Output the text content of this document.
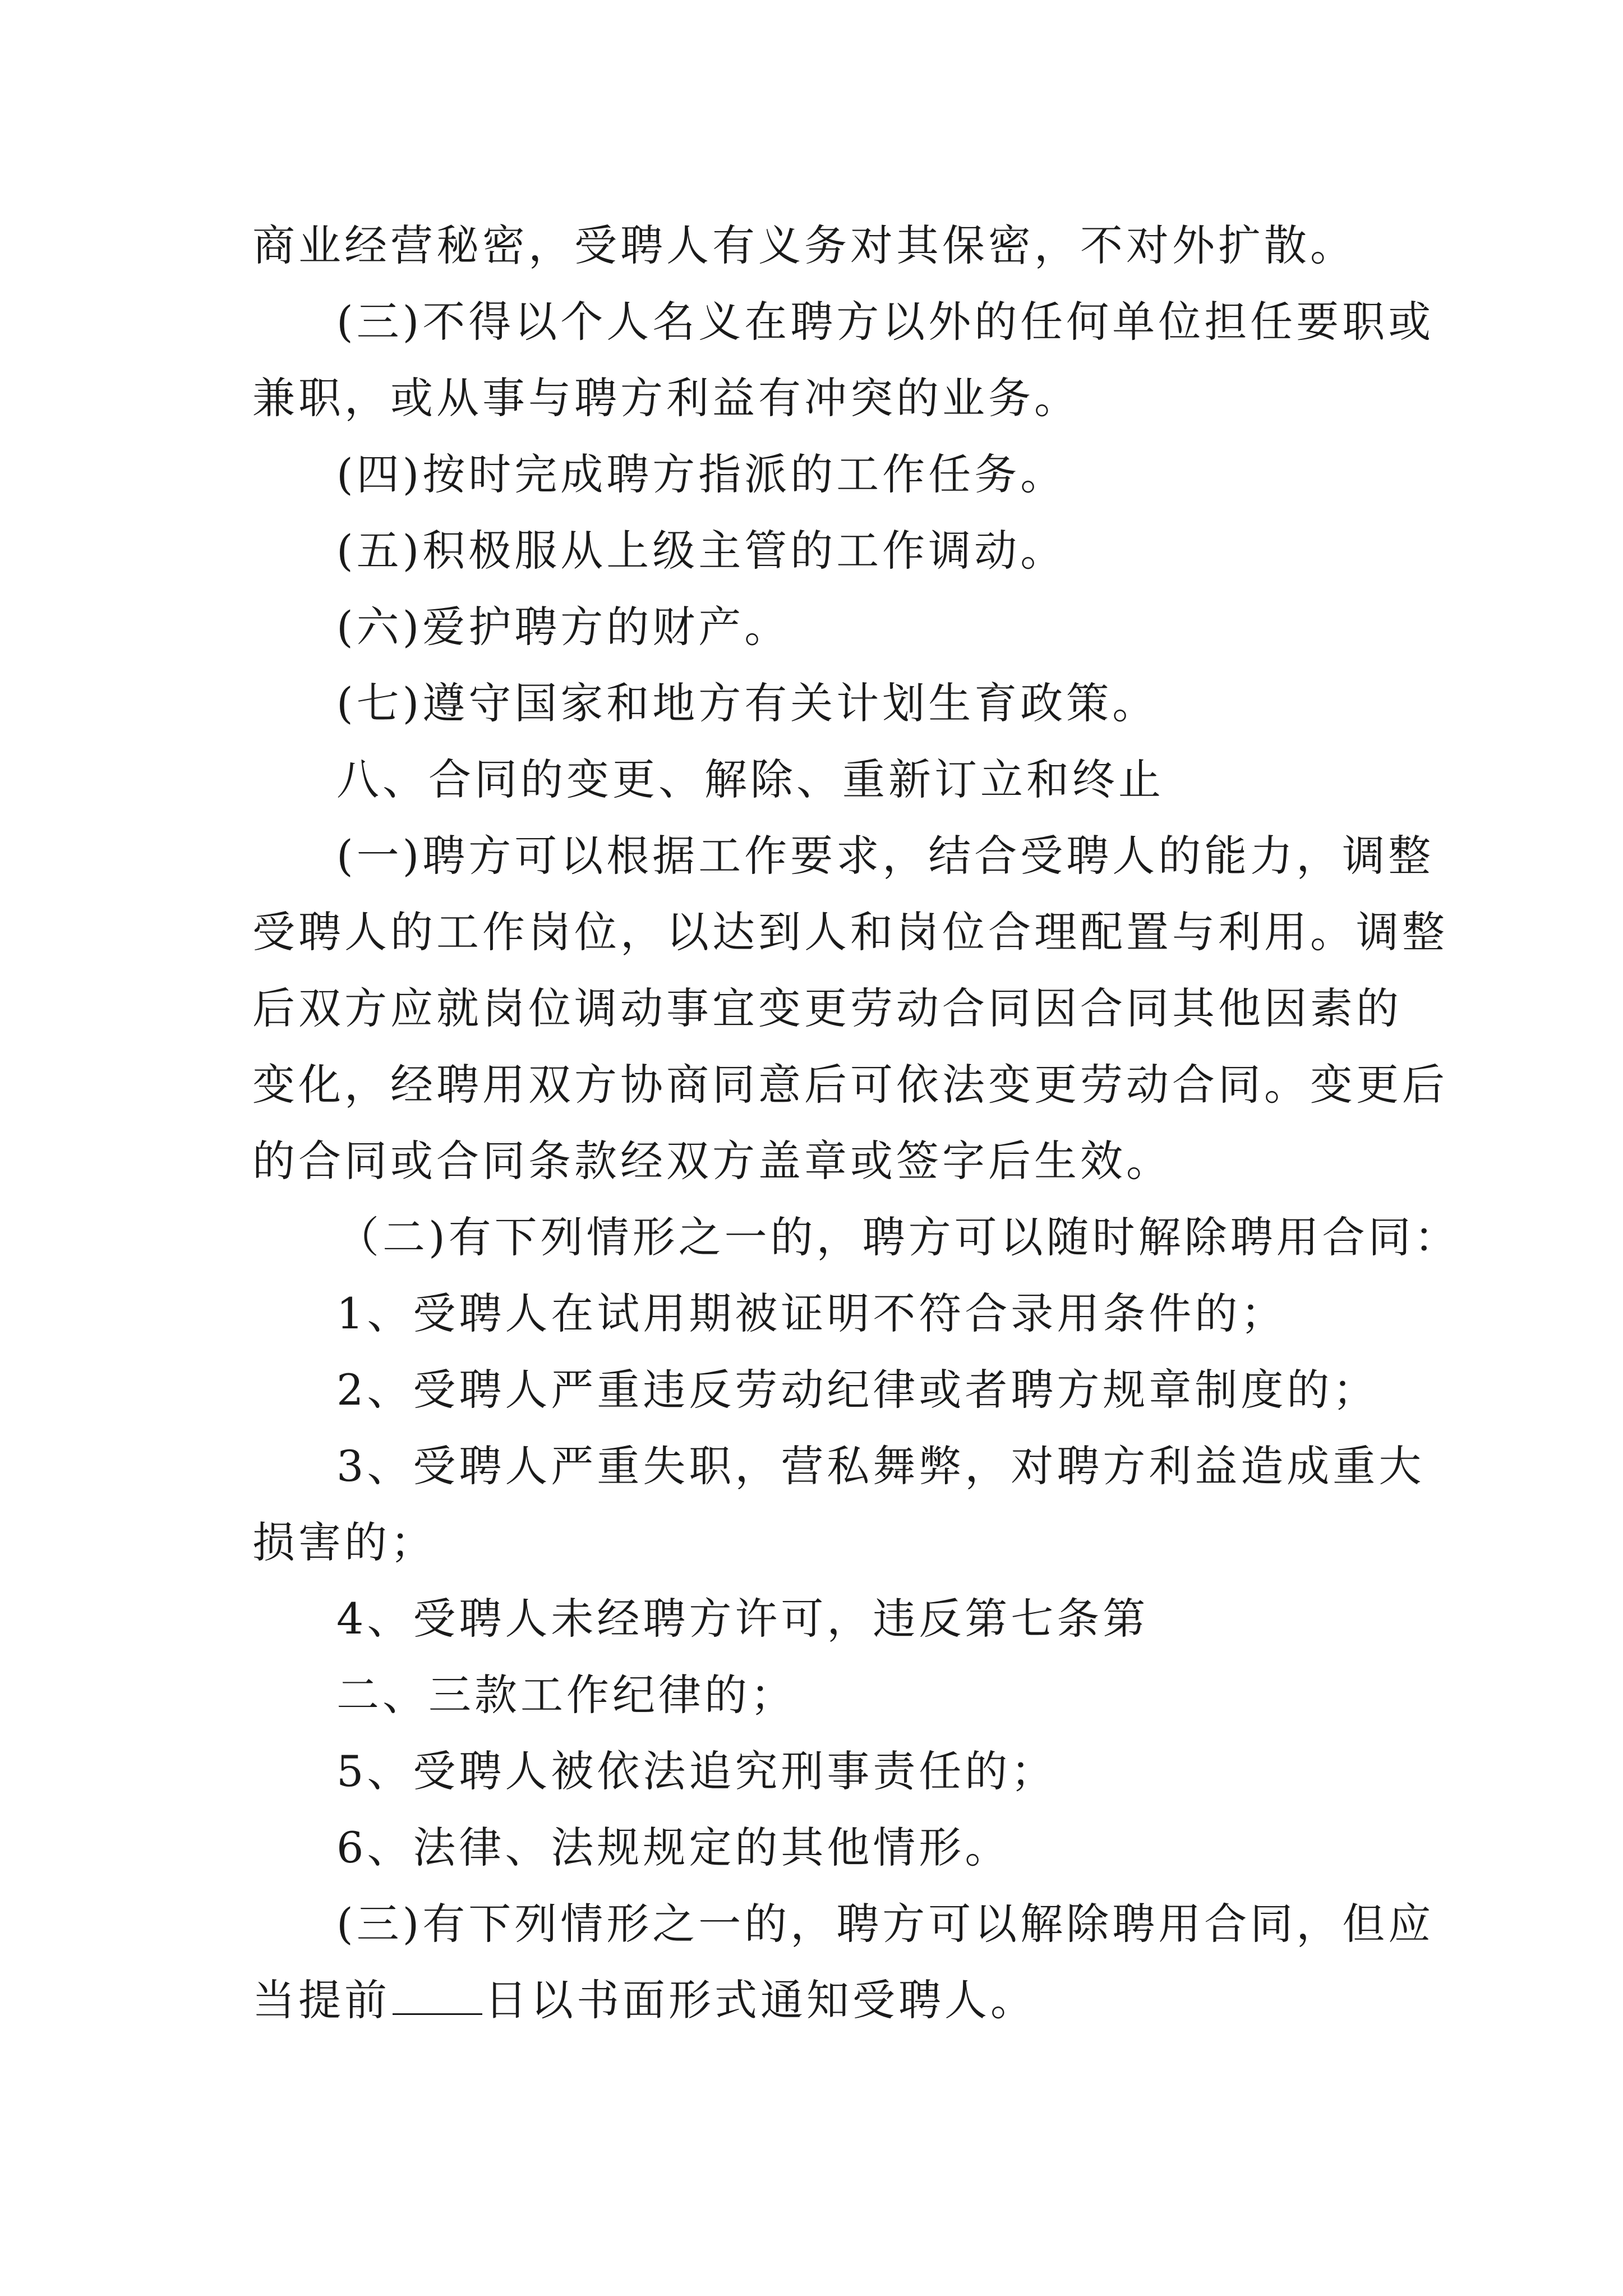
商业经营秘密，受聘人有义务对其保密，不对外扩散。
(三)不得以个人名义在聘方以外的任何单位担任要职或
兼职，或从事与聘方利益有冲突的业务。
(四)按时完成聘方指派的工作任务。
(五)积极服从上级主管的工作调动。
(六)爱护聘方的财产。
(七)遵守国家和地方有关计划生育政策。
八、合同的变更、解除、重新订立和终止
(一)聘方可以根据工作要求，结合受聘人的能力，调整
受聘人的工作岗位，以达到人和岗位合理配置与利用。调整
后双方应就岗位调动事宜变更劳动合同因合同其他因素的
变化，经聘用双方协商同意后可依法变更劳动合同。变更后
的合同或合同条款经双方盖章或签字后生效。
（二)有下列情形之一的，聘方可以随时解除聘用合同：
1、受聘人在试用期被证明不符合录用条件的；
2、受聘人严重违反劳动纪律或者聘方规章制度的；
3、受聘人严重失职，营私舞弊，对聘方利益造成重大
损害的；
4、受聘人未经聘方许可，违反第七条第
二、三款工作纪律的；
5、受聘人被依法追究刑事责任的；
6、法律、法规规定的其他情形。
(三)有下列情形之一的，聘方可以解除聘用合同，但应
当提前 日以书面形式通知受聘人。
